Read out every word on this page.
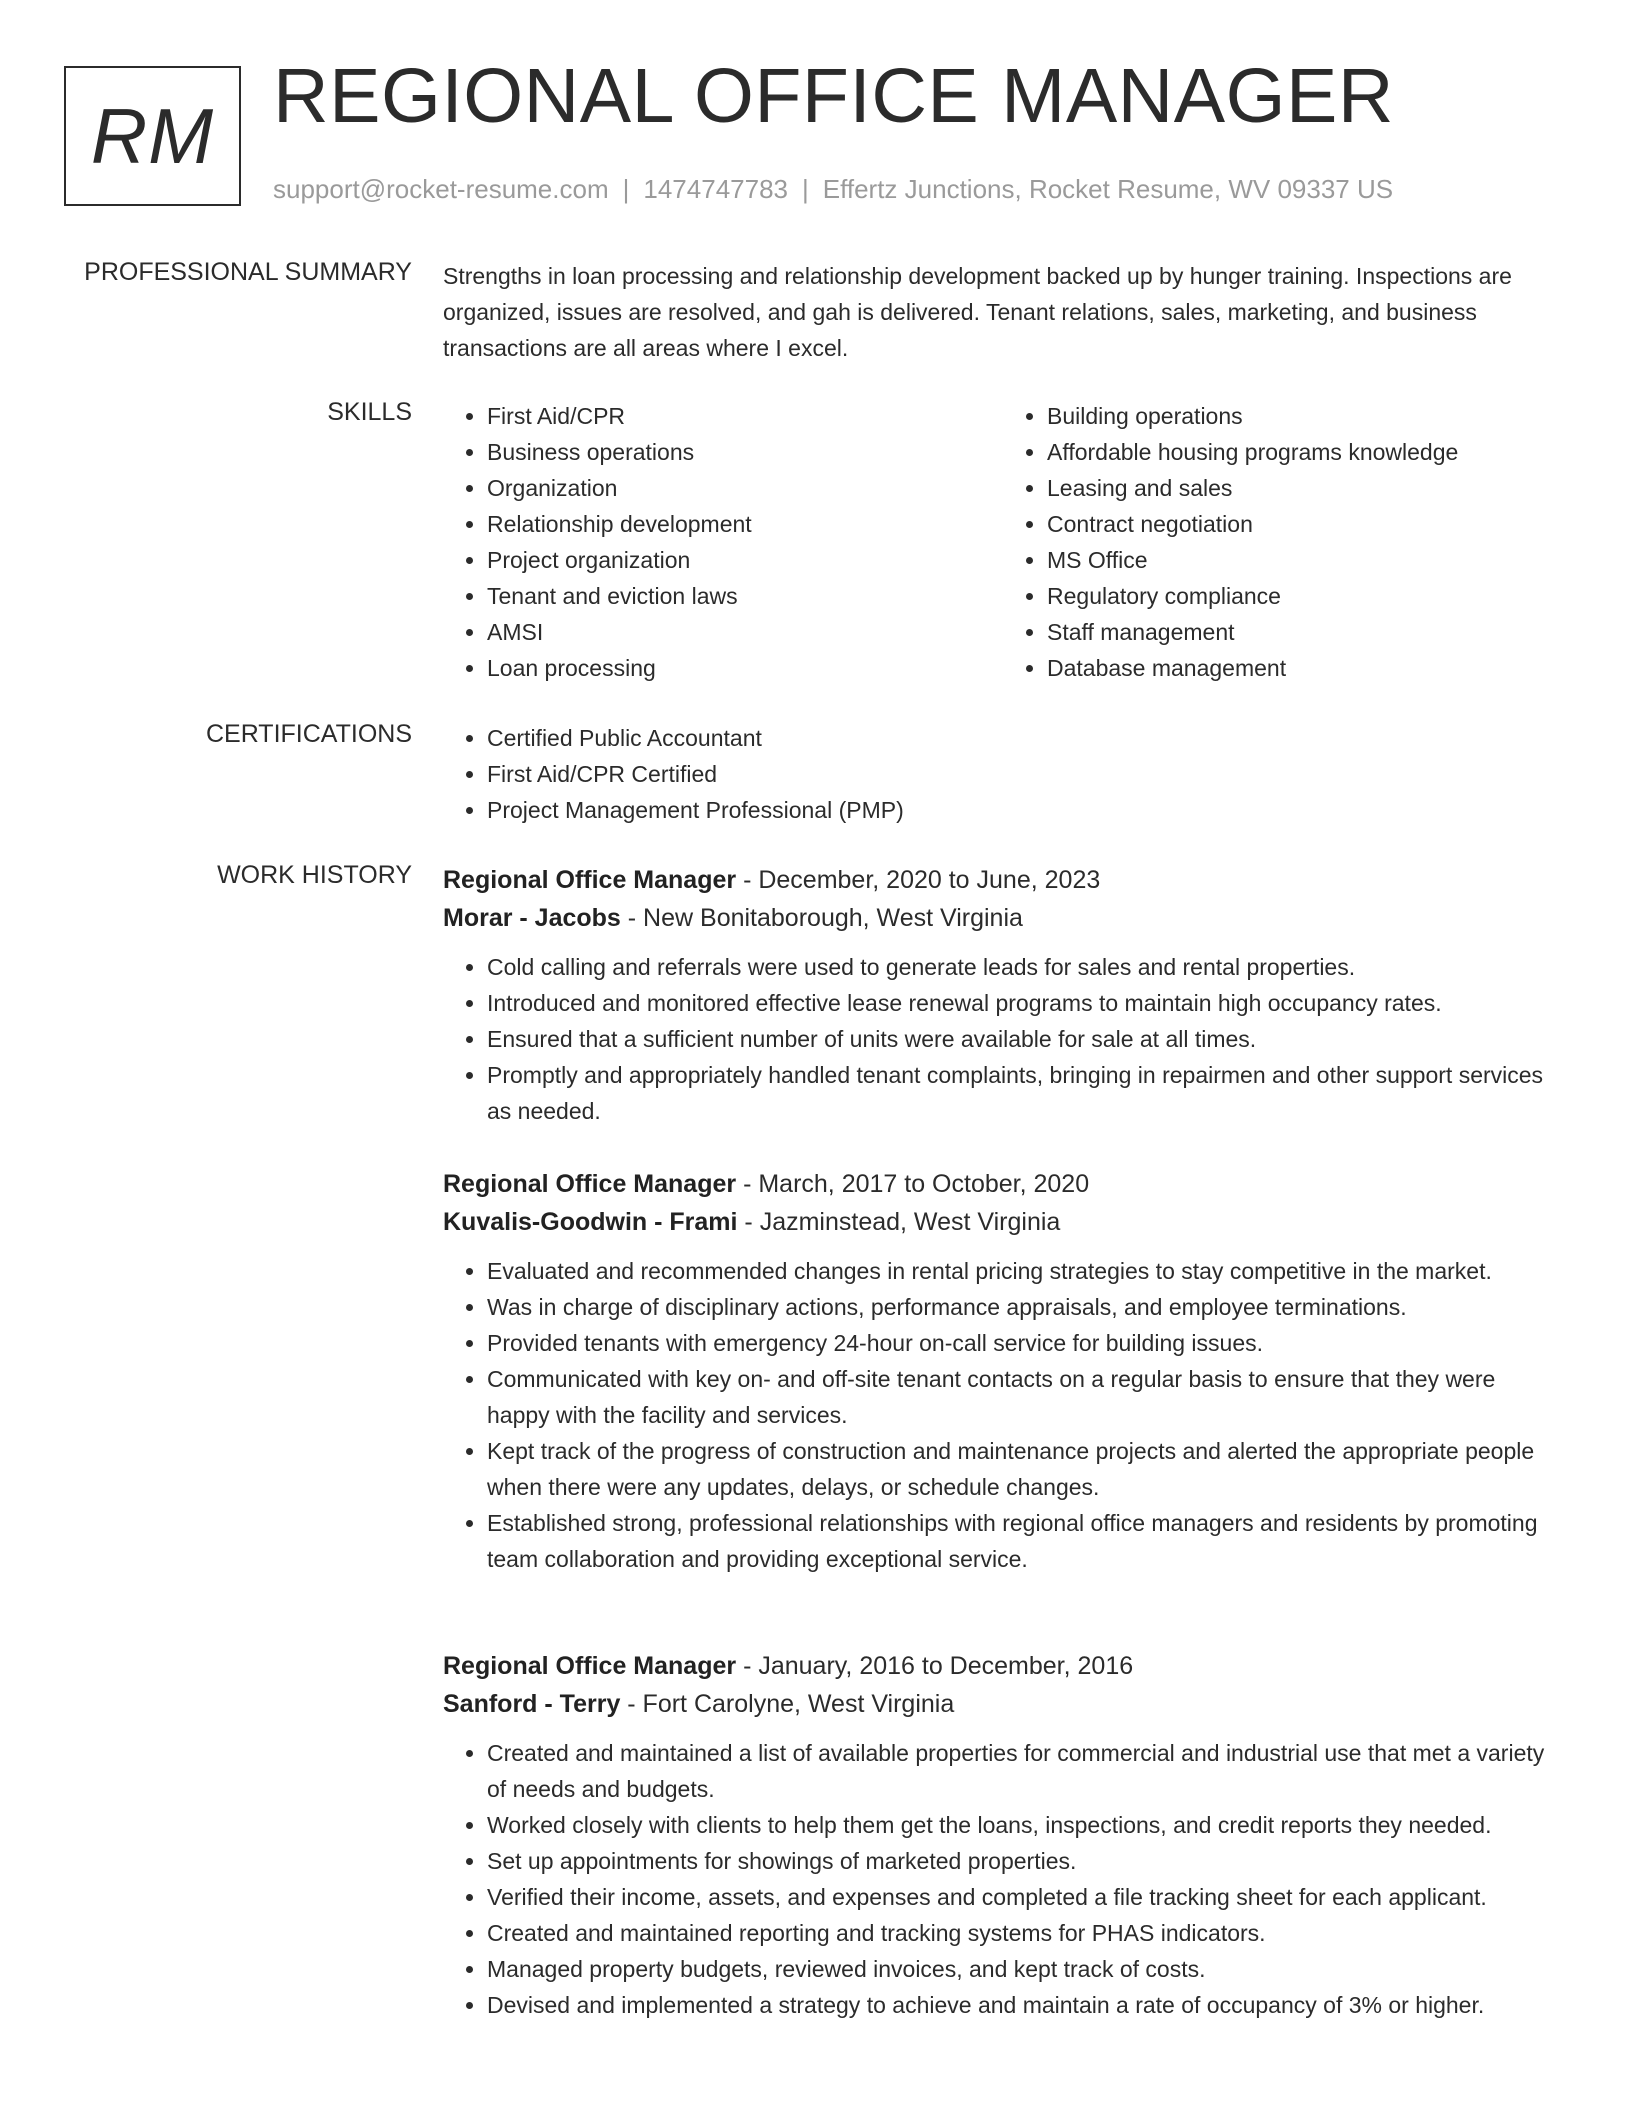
RM REGIONAL OFFICE MANAGER
support@rocket-resume.com | 1474747783 | Effertz Junctions, Rocket Resume, WV 09337 US
PROFESSIONAL SUMMARY Strengths in loan processing and relationship development backed up by hunger training. Inspections are organized, issues are resolved, and gah is delivered. Tenant relations, sales, marketing, and business transactions are all areas where I excel.

SKILLS	• First Aid/CPR
• Business operations
• Organization
• Relationship development
• Project organization
• Tenant and eviction laws
• AMSI
• Loan processing
• Building operations
• Affordable housing programs knowledge
• Leasing and sales
• Contract negotiation
• MS Office
• Regulatory compliance
• Staff management
• Database management
CERTIFICATIONS	• Certified Public Accountant
• First Aid/CPR Certified
• Project Management Professional (PMP)
WORK HISTORY Regional Office Manager - December, 2020 to June, 2023
Morar - Jacobs - New Bonitaborough, West Virginia
• Cold calling and referrals were used to generate leads for sales and rental properties.
• Introduced and monitored effective lease renewal programs to maintain high occupancy rates.
• Ensured that a sufficient number of units were available for sale at all times.
• Promptly and appropriately handled tenant complaints, bringing in repairmen and other support services as needed.
Regional Office Manager - March, 2017 to October, 2020
Kuvalis-Goodwin - Frami - Jazminstead, West Virginia
• Evaluated and recommended changes in rental pricing strategies to stay competitive in the market.
• Was in charge of disciplinary actions, performance appraisals, and employee terminations.
• Provided tenants with emergency 24-hour on-call service for building issues.
• Communicated with key on- and off-site tenant contacts on a regular basis to ensure that they were happy with the facility and services.
• Kept track of the progress of construction and maintenance projects and alerted the appropriate people when there were any updates, delays, or schedule changes.
• Established strong, professional relationships with regional office managers and residents by promoting team collaboration and providing exceptional service.
Regional Office Manager - January, 2016 to December, 2016
Sanford - Terry - Fort Carolyne, West Virginia
• Created and maintained a list of available properties for commercial and industrial use that met a variety of needs and budgets.
• Worked closely with clients to help them get the loans, inspections, and credit reports they needed.
• Set up appointments for showings of marketed properties.
• Verified their income, assets, and expenses and completed a file tracking sheet for each applicant.
• Created and maintained reporting and tracking systems for PHAS indicators.
• Managed property budgets, reviewed invoices, and kept track of costs.
• Devised and implemented a strategy to achieve and maintain a rate of occupancy of 3% or higher.
